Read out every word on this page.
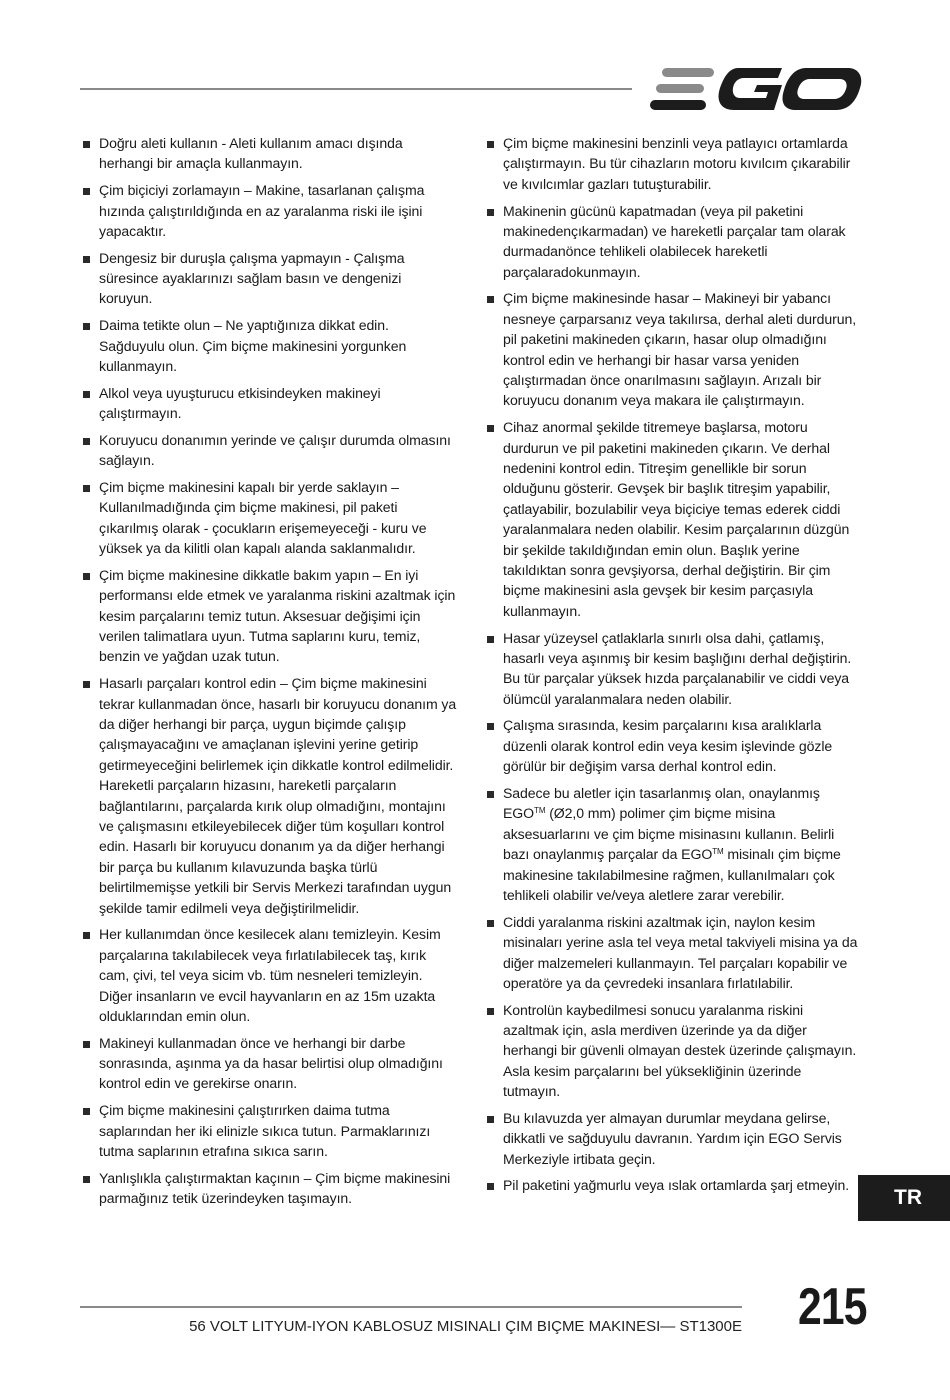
Doğru aleti kullanın - Aleti kullanım amacı dışında herhangi bir amaçla kullanmayın.
Çim biçiciyi zorlamayın – Makine, tasarlanan çalışma hızında çalıştırıldığında en az yaralanma riski ile işini yapacaktır.
Dengesiz bir duruşla çalışma yapmayın - Çalışma süresince ayaklarınızı sağlam basın ve dengenizi koruyun.
Daima tetikte olun – Ne yaptığınıza dikkat edin. Sağduyulu olun. Çim biçme makinesini yorgunken kullanmayın.
Alkol veya uyuşturucu etkisindeyken makineyi çalıştırmayın.
Koruyucu donanımın yerinde ve çalışır durumda olmasını sağlayın.
Çim biçme makinesini kapalı bir yerde saklayın – Kullanılmadığında çim biçme makinesi, pil paketi çıkarılmış olarak - çocukların erişemeyeceği - kuru ve yüksek ya da kilitli olan kapalı alanda saklanmalıdır.
Çim biçme makinesine dikkatle bakım yapın – En iyi performansı elde etmek ve yaralanma riskini azaltmak için kesim parçalarını temiz tutun. Aksesuar değişimi için verilen talimatlara uyun. Tutma saplarını kuru, temiz, benzin ve yağdan uzak tutun.
Hasarlı parçaları kontrol edin – Çim biçme makinesini tekrar kullanmadan önce, hasarlı bir koruyucu donanım ya da diğer herhangi bir parça, uygun biçimde çalışıp çalışmayacağını ve amaçlanan işlevini yerine getirip getirmeyeceğini belirlemek için dikkatle kontrol edilmelidir. Hareketli parçaların hizasını, hareketli parçaların bağlantılarını, parçalarda kırık olup olmadığını, montajını ve çalışmasını etkileyebilecek diğer tüm koşulları kontrol edin. Hasarlı bir koruyucu donanım ya da diğer herhangi bir parça bu kullanım kılavuzunda başka türlü belirtilmemişse yetkili bir Servis Merkezi tarafından uygun şekilde tamir edilmeli veya değiştirilmelidir.
Her kullanımdan önce kesilecek alanı temizleyin. Kesim parçalarına takılabilecek veya fırlatılabilecek taş, kırık cam, çivi, tel veya sicim vb. tüm nesneleri temizleyin. Diğer insanların ve evcil hayvanların en az 15m uzakta olduklarından emin olun.
Makineyi kullanmadan önce ve herhangi bir darbe sonrasında, aşınma ya da hasar belirtisi olup olmadığını kontrol edin ve gerekirse onarın.
Çim biçme makinesini çalıştırırken daima tutma saplarından her iki elinizle sıkıca tutun. Parmaklarınızı tutma saplarının etrafına sıkıca sarın.
Yanlışlıkla çalıştırmaktan kaçının – Çim biçme makinesini parmağınız tetik üzerindeyken taşımayın.
Çim biçme makinesini benzinli veya patlayıcı ortamlarda çalıştırmayın. Bu tür cihazların motoru kıvılcım çıkarabilir ve kıvılcımlar gazları tutuşturabilir.
Makinenin gücünü kapatmadan (veya pil paketini makinedençıkarmadan) ve hareketli parçalar tam olarak durmadanönce tehlikeli olabilecek hareketli parçalaradokunmayın.
Çim biçme makinesinde hasar – Makineyi bir yabancı nesneye çarparsanız veya takılırsa, derhal aleti durdurun, pil paketini makineden çıkarın, hasar olup olmadığını kontrol edin ve herhangi bir hasar varsa yeniden çalıştırmadan önce onarılmasını sağlayın. Arızalı bir koruyucu donanım veya makara ile çalıştırmayın.
Cihaz anormal şekilde titremeye başlarsa, motoru durdurun ve pil paketini makineden çıkarın. Ve derhal nedenini kontrol edin. Titreşim genellikle bir sorun olduğunu gösterir. Gevşek bir başlık titreşim yapabilir, çatlayabilir, bozulabilir veya biçiciye temas ederek ciddi yaralanmalara neden olabilir. Kesim parçalarının düzgün bir şekilde takıldığından emin olun. Başlık yerine takıldıktan sonra gevşiyorsa, derhal değiştirin. Bir çim biçme makinesini asla gevşek bir kesim parçasıyla kullanmayın.
Hasar yüzeysel çatlaklarla sınırlı olsa dahi, çatlamış, hasarlı veya aşınmış bir kesim başlığını derhal değiştirin. Bu tür parçalar yüksek hızda parçalanabilir ve ciddi veya ölümcül yaralanmalara neden olabilir.
Çalışma sırasında, kesim parçalarını kısa aralıklarla düzenli olarak kontrol edin veya kesim işlevinde gözle görülür bir değişim varsa derhal kontrol edin.
Sadece bu aletler için tasarlanmış olan, onaylanmış EGO™ (Ø2,0 mm) polimer çim biçme misina aksesuarlarını ve çim biçme misinasını kullanın. Belirli bazı onaylanmış parçalar da EGO™ misinalı çim biçme makinesine takılabilmesine rağmen, kullanılmaları çok tehlikeli olabilir ve/veya aletlere zarar verebilir.
Ciddi yaralanma riskini azaltmak için, naylon kesim misinaları yerine asla tel veya metal takviyeli misina ya da diğer malzemeleri kullanmayın. Tel parçaları kopabilir ve operatöre ya da çevredeki insanlara fırlatılabilir.
Kontrolün kaybedilmesi sonucu yaralanma riskini azaltmak için, asla merdiven üzerinde ya da diğer herhangi bir güvenli olmayan destek üzerinde çalışmayın. Asla kesim parçalarını bel yüksekliğinin üzerinde tutmayın.
Bu kılavuzda yer almayan durumlar meydana gelirse, dikkatli ve sağduyulu davranın. Yardım için EGO Servis Merkeziyle irtibata geçin.
Pil paketini yağmurlu veya ıslak ortamlarda şarj etmeyin.
TR
56 VOLT LITYUM-IYON KABLOSUZ MISINALI ÇIM BIÇME MAKINESI— ST1300E 215
